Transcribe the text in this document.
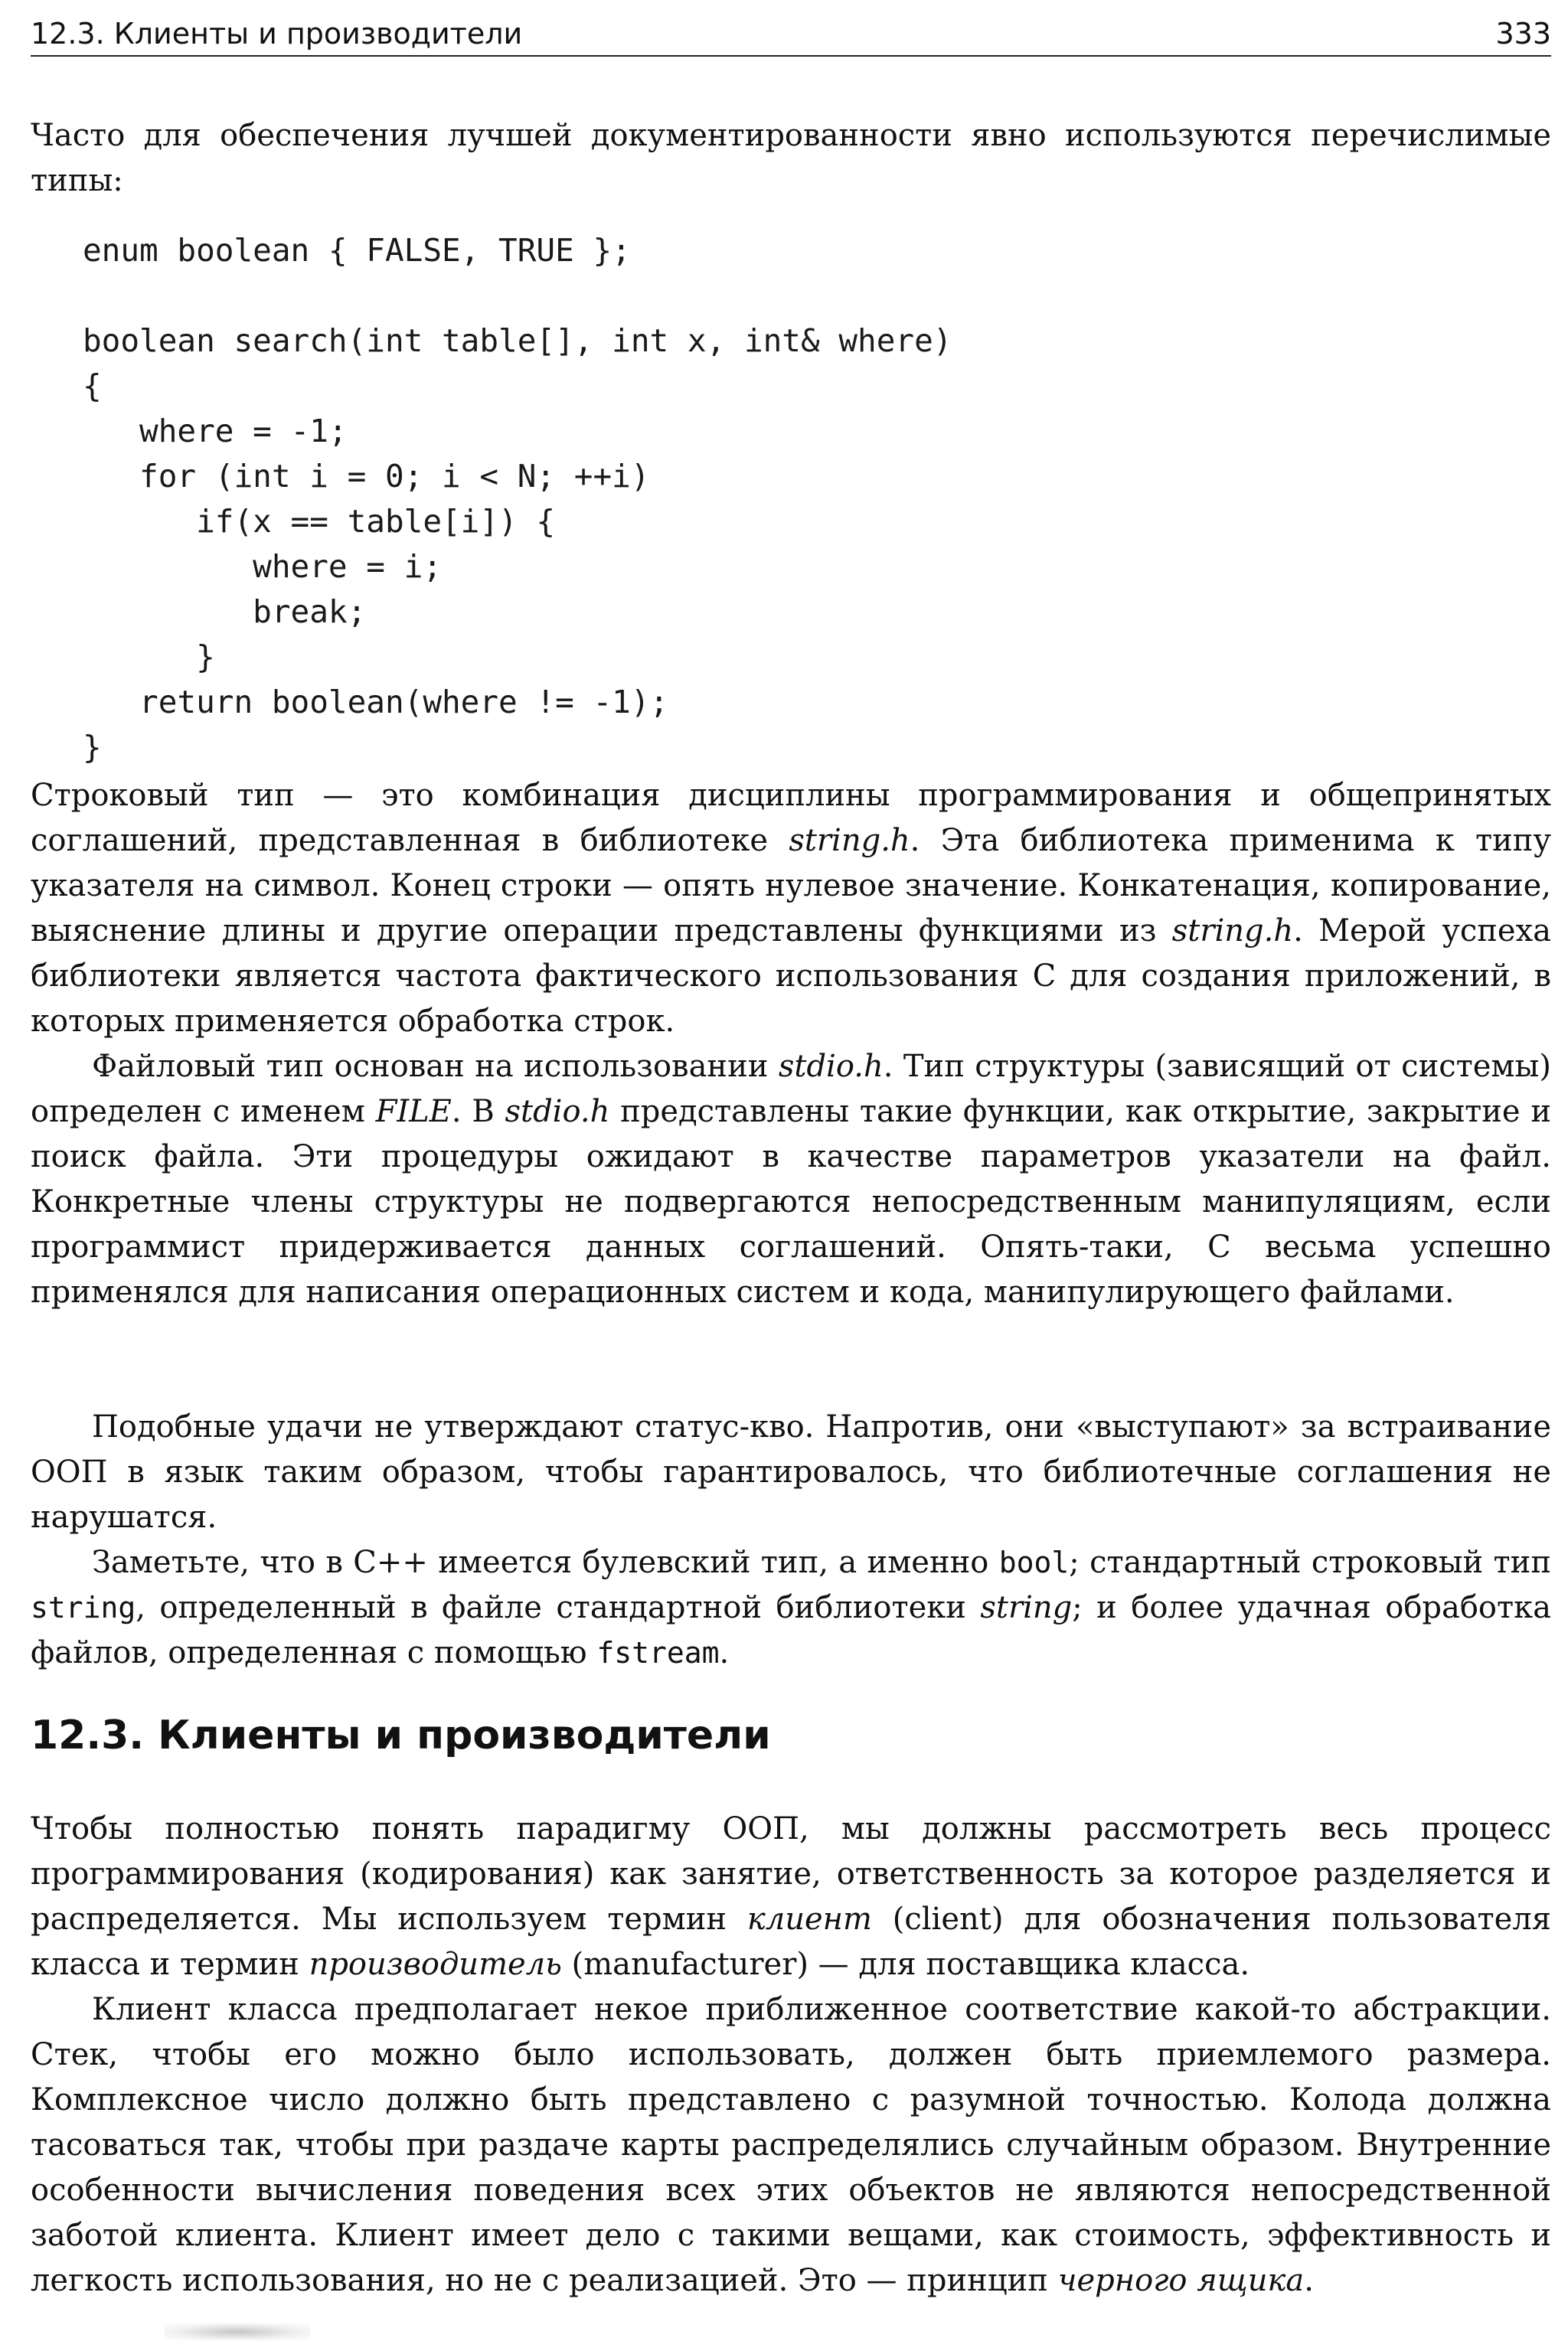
12.3. Клиенты и производители	333

Часто для обеспечения лучшей документированности явно используются перечислимые типы:

enum boolean { FALSE, TRUE };

boolean search(int table[], int x, int& where)
{
where = -1;
for (int i = 0; i < N; ++i)
if(x == table[i]) {
where = i;
break;
}
return boolean(where != -1);
}

Строковый тип — это комбинация дисциплины программирования и общепринятых соглашений, представленная в библиотеке string.h. Эта библиотека применима к типу указателя на символ. Конец строки — опять нулевое значение. Конкатенация, копирование, выяснение длины и другие операции представлены функциями из string.h. Мерой успеха библиотеки является частота фактического использования С для создания приложений, в которых применяется обработка строк.

Файловый тип основан на использовании stdio.h. Тип структуры (зависящий от системы) определен с именем FILE. В stdio.h представлены такие функции, как открытие, закрытие и поиск файла. Эти процедуры ожидают в качестве параметров указатели на файл. Конкретные члены структуры не подвергаются непосредственным манипуляциям, если программист придерживается данных соглашений. Опять-таки, С весьма успешно применялся для написания операционных систем и кода, манипулирующего файлами.

Подобные удачи не утверждают статус-кво. Напротив, они «выступают» за встраивание ООП в язык таким образом, чтобы гарантировалось, что библиотечные соглашения не нарушатся.

Заметьте, что в С++ имеется булевский тип, а именно bool; стандартный строковый тип string, определенный в файле стандартной библиотеки string; и более удачная обработка файлов, определенная с помощью fstream.

12.3. Клиенты и производители

Чтобы полностью понять парадигму ООП, мы должны рассмотреть весь процесс программирования (кодирования) как занятие, ответственность за которое разделяется и распределяется. Мы используем термин клиент (client) для обозначения пользователя класса и термин производитель (manufacturer) — для поставщика класса.

Клиент класса предполагает некое приближенное соответствие какой-то абстракции. Стек, чтобы его можно было использовать, должен быть приемлемого размера. Комплексное число должно быть представлено с разумной точностью. Колода должна тасоваться так, чтобы при раздаче карты распределялись случайным образом. Внутренние особенности вычисления поведения всех этих объектов не являются непосредственной заботой клиента. Клиент имеет дело с такими вещами, как стоимость, эффективность и легкость использования, но не с реализацией. Это — принцип черного ящика.
